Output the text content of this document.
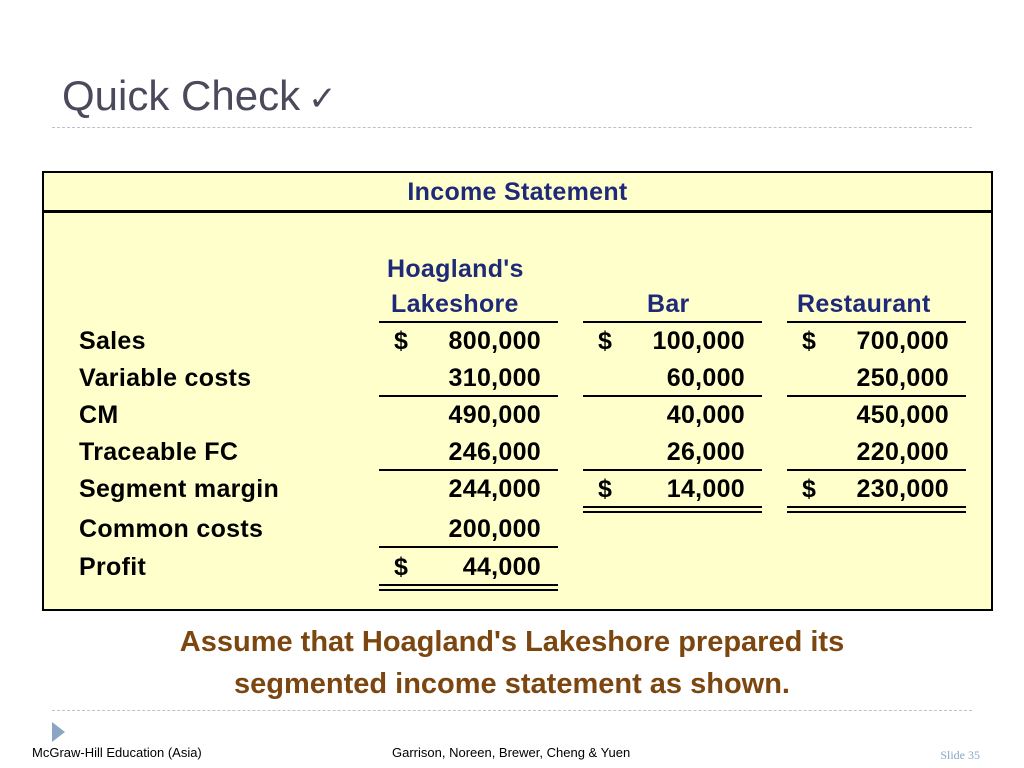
Quick Check ✓
Income Statement
Hoagland's
Lakeshore	Bar	Restaurant
Sales	$	800,000 $	100,000 $	700,000
Variable costs	310,000	60,000	250,000
CM	490,000	40,000	450,000
Traceable FC	246,000	26,000	220,000
Segment margin	244,000 $	14,000 $	230,000
Common costs	200,000
Profit	$	44,000
Assume that Hoagland's Lakeshore prepared its
segmented income statement as shown.
McGraw-Hill Education (Asia)	Garrison, Noreen, Brewer, Cheng & Yuen	Slide 35
